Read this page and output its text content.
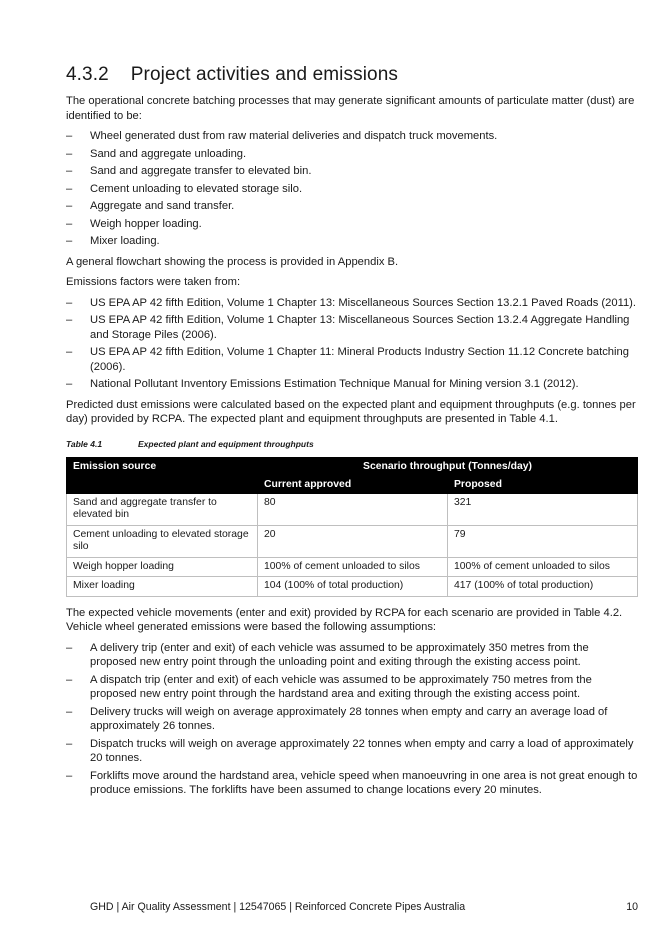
4.3.2 Project activities and emissions

The operational concrete batching processes that may generate significant amounts of particulate matter (dust) are identified to be:

– Wheel generated dust from raw material deliveries and dispatch truck movements.
– Sand and aggregate unloading.
– Sand and aggregate transfer to elevated bin.
– Cement unloading to elevated storage silo.
– Aggregate and sand transfer.
– Weigh hopper loading.
– Mixer loading.

A general flowchart showing the process is provided in Appendix B.

Emissions factors were taken from:

– US EPA AP 42 fifth Edition, Volume 1 Chapter 13: Miscellaneous Sources Section 13.2.1 Paved Roads (2011).
– US EPA AP 42 fifth Edition, Volume 1 Chapter 13: Miscellaneous Sources Section 13.2.4 Aggregate Handling and Storage Piles (2006).
– US EPA AP 42 fifth Edition, Volume 1 Chapter 11: Mineral Products Industry Section 11.12 Concrete batching (2006).
– National Pollutant Inventory Emissions Estimation Technique Manual for Mining version 3.1 (2012).

Predicted dust emissions were calculated based on the expected plant and equipment throughputs (e.g. tonnes per day) provided by RCPA. The expected plant and equipment throughputs are presented in Table 4.1.

Table 4.1	Expected plant and equipment throughputs
Emission source	Scenario throughput (Tonnes/day)	
	Current approved	Proposed
Sand and aggregate transfer to elevated bin	80	321
Cement unloading to elevated storage silo	20	79
Weigh hopper loading	100% of cement unloaded to silos	100% of cement unloaded to silos
Mixer loading	104 (100% of total production)	417 (100% of total production)

The expected vehicle movements (enter and exit) provided by RCPA for each scenario are provided in Table 4.2. Vehicle wheel generated emissions were based the following assumptions:

– A delivery trip (enter and exit) of each vehicle was assumed to be approximately 350 metres from the proposed new entry point through the unloading point and exiting through the existing access point.
– A dispatch trip (enter and exit) of each vehicle was assumed to be approximately 750 metres from the proposed new entry point through the hardstand area and exiting through the existing access point.
– Delivery trucks will weigh on average approximately 28 tonnes when empty and carry an average load of approximately 26 tonnes.
– Dispatch trucks will weigh on average approximately 22 tonnes when empty and carry a load of approximately 20 tonnes.
– Forklifts move around the hardstand area, vehicle speed when manoeuvring in one area is not great enough to produce emissions. The forklifts have been assumed to change locations every 20 minutes.
GHD | Air Quality Assessment | 12547065 | Reinforced Concrete Pipes Australia	10
